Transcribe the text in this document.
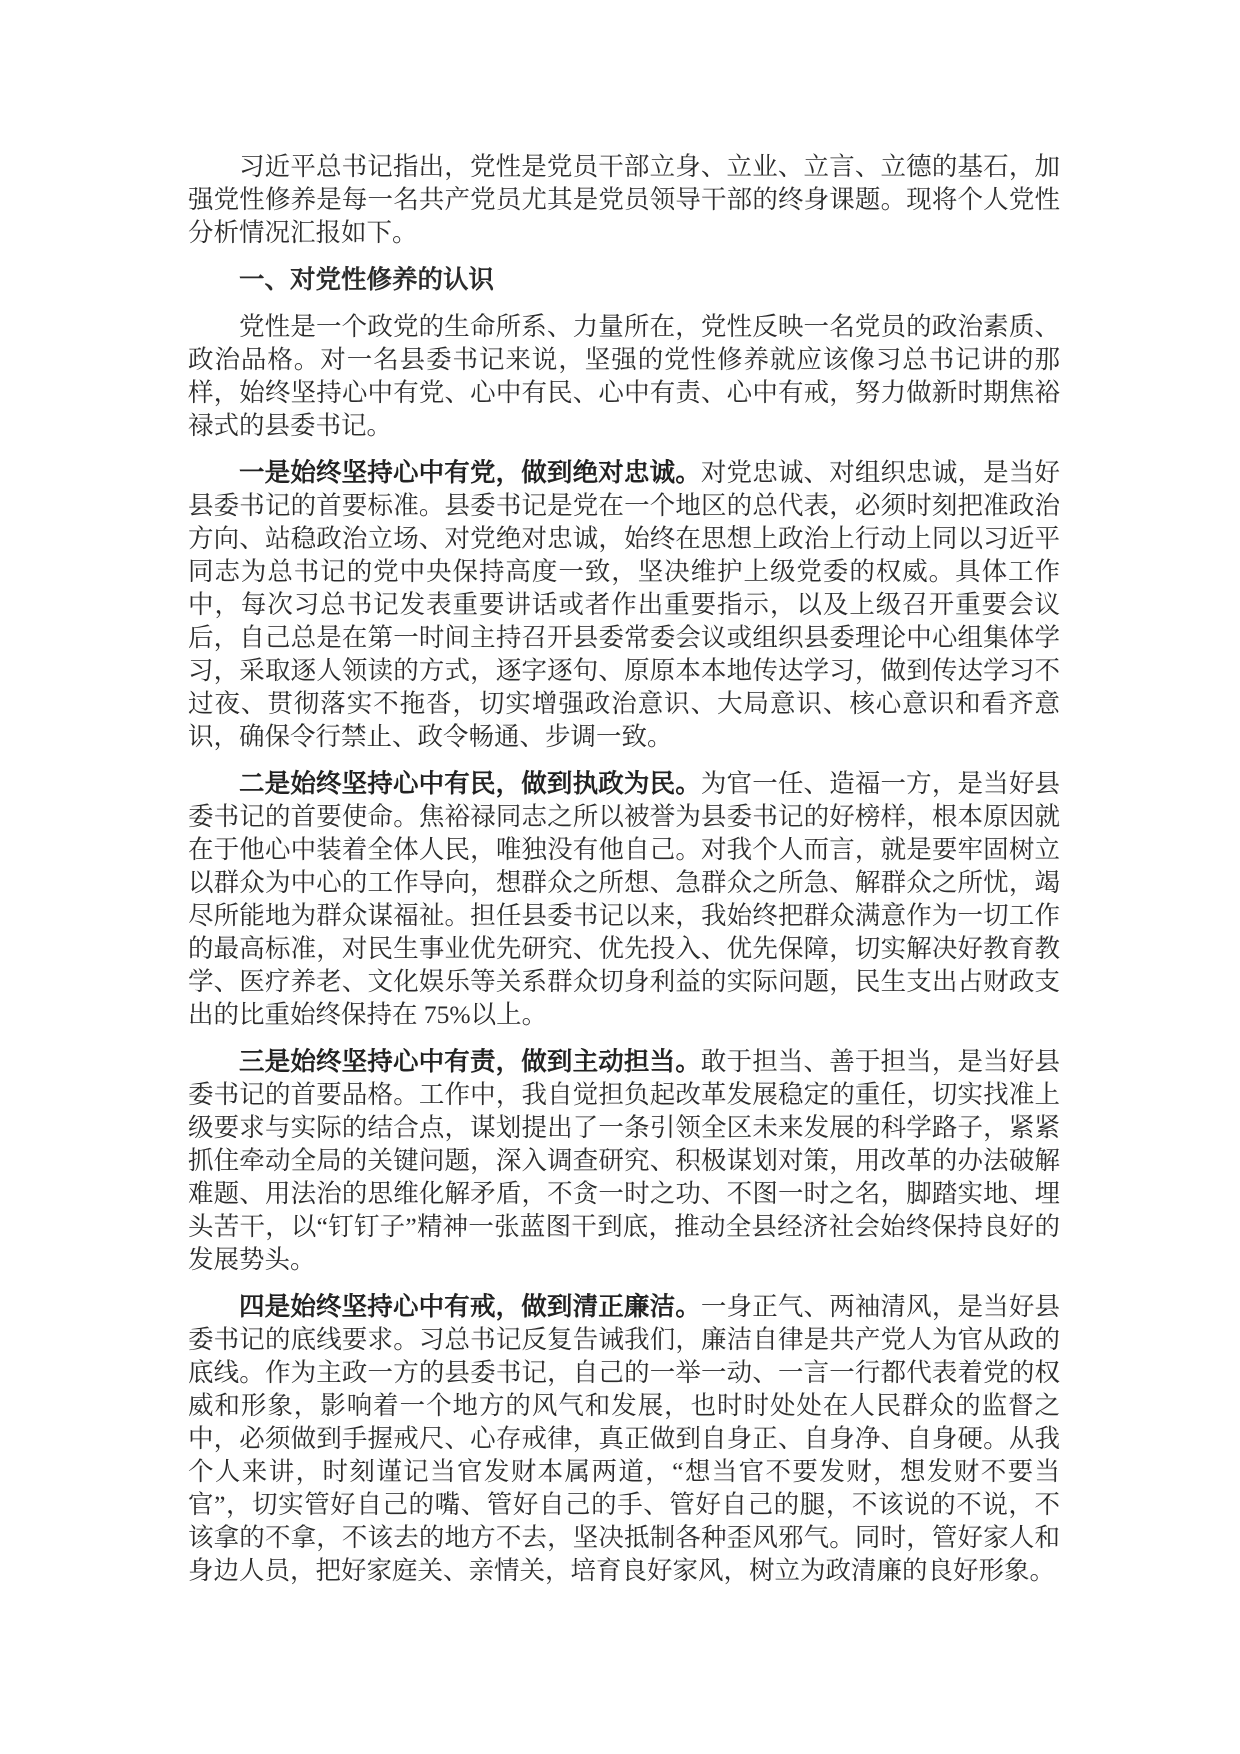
习近平总书记指出，党性是党员干部立身、立业、立言、立德的基石，加强党性修养是每一名共产党员尤其是党员领导干部的终身课题。现将个人党性分析情况汇报如下。

一、对党性修养的认识

党性是一个政党的生命所系、力量所在，党性反映一名党员的政治素质、政治品格。对一名县委书记来说，坚强的党性修养就应该像习总书记讲的那样，始终坚持心中有党、心中有民、心中有责、心中有戒，努力做新时期焦裕禄式的县委书记。

一是始终坚持心中有党，做到绝对忠诚。对党忠诚、对组织忠诚，是当好县委书记的首要标准。县委书记是党在一个地区的总代表，必须时刻把准政治方向、站稳政治立场、对党绝对忠诚，始终在思想上政治上行动上同以习近平同志为总书记的党中央保持高度一致，坚决维护上级党委的权威。具体工作中，每次习总书记发表重要讲话或者作出重要指示，以及上级召开重要会议后，自己总是在第一时间主持召开县委常委会议或组织县委理论中心组集体学习，采取逐人领读的方式，逐字逐句、原原本本地传达学习，做到传达学习不过夜、贯彻落实不拖沓，切实增强政治意识、大局意识、核心意识和看齐意识，确保令行禁止、政令畅通、步调一致。

二是始终坚持心中有民，做到执政为民。为官一任、造福一方，是当好县委书记的首要使命。焦裕禄同志之所以被誉为县委书记的好榜样，根本原因就在于他心中装着全体人民，唯独没有他自己。对我个人而言，就是要牢固树立以群众为中心的工作导向，想群众之所想、急群众之所急、解群众之所忧，竭尽所能地为群众谋福祉。担任县委书记以来，我始终把群众满意作为一切工作的最高标准，对民生事业优先研究、优先投入、优先保障，切实解决好教育教学、医疗养老、文化娱乐等关系群众切身利益的实际问题，民生支出占财政支出的比重始终保持在 75%以上。

三是始终坚持心中有责，做到主动担当。敢于担当、善于担当，是当好县委书记的首要品格。工作中，我自觉担负起改革发展稳定的重任，切实找准上级要求与实际的结合点，谋划提出了一条引领全区未来发展的科学路子，紧紧抓住牵动全局的关键问题，深入调查研究、积极谋划对策，用改革的办法破解难题、用法治的思维化解矛盾，不贪一时之功、不图一时之名，脚踏实地、埋头苦干，以“钉钉子”精神一张蓝图干到底，推动全县经济社会始终保持良好的发展势头。

四是始终坚持心中有戒，做到清正廉洁。一身正气、两袖清风，是当好县委书记的底线要求。习总书记反复告诫我们，廉洁自律是共产党人为官从政的底线。作为主政一方的县委书记，自己的一举一动、一言一行都代表着党的权威和形象，影响着一个地方的风气和发展，也时时处处在人民群众的监督之中，必须做到手握戒尺、心存戒律，真正做到自身正、自身净、自身硬。从我个人来讲，时刻谨记当官发财本属两道，“想当官不要发财，想发财不要当官”，切实管好自己的嘴、管好自己的手、管好自己的腿，不该说的不说，不该拿的不拿，不该去的地方不去，坚决抵制各种歪风邪气。同时，管好家人和身边人员，把好家庭关、亲情关，培育良好家风，树立为政清廉的良好形象。
